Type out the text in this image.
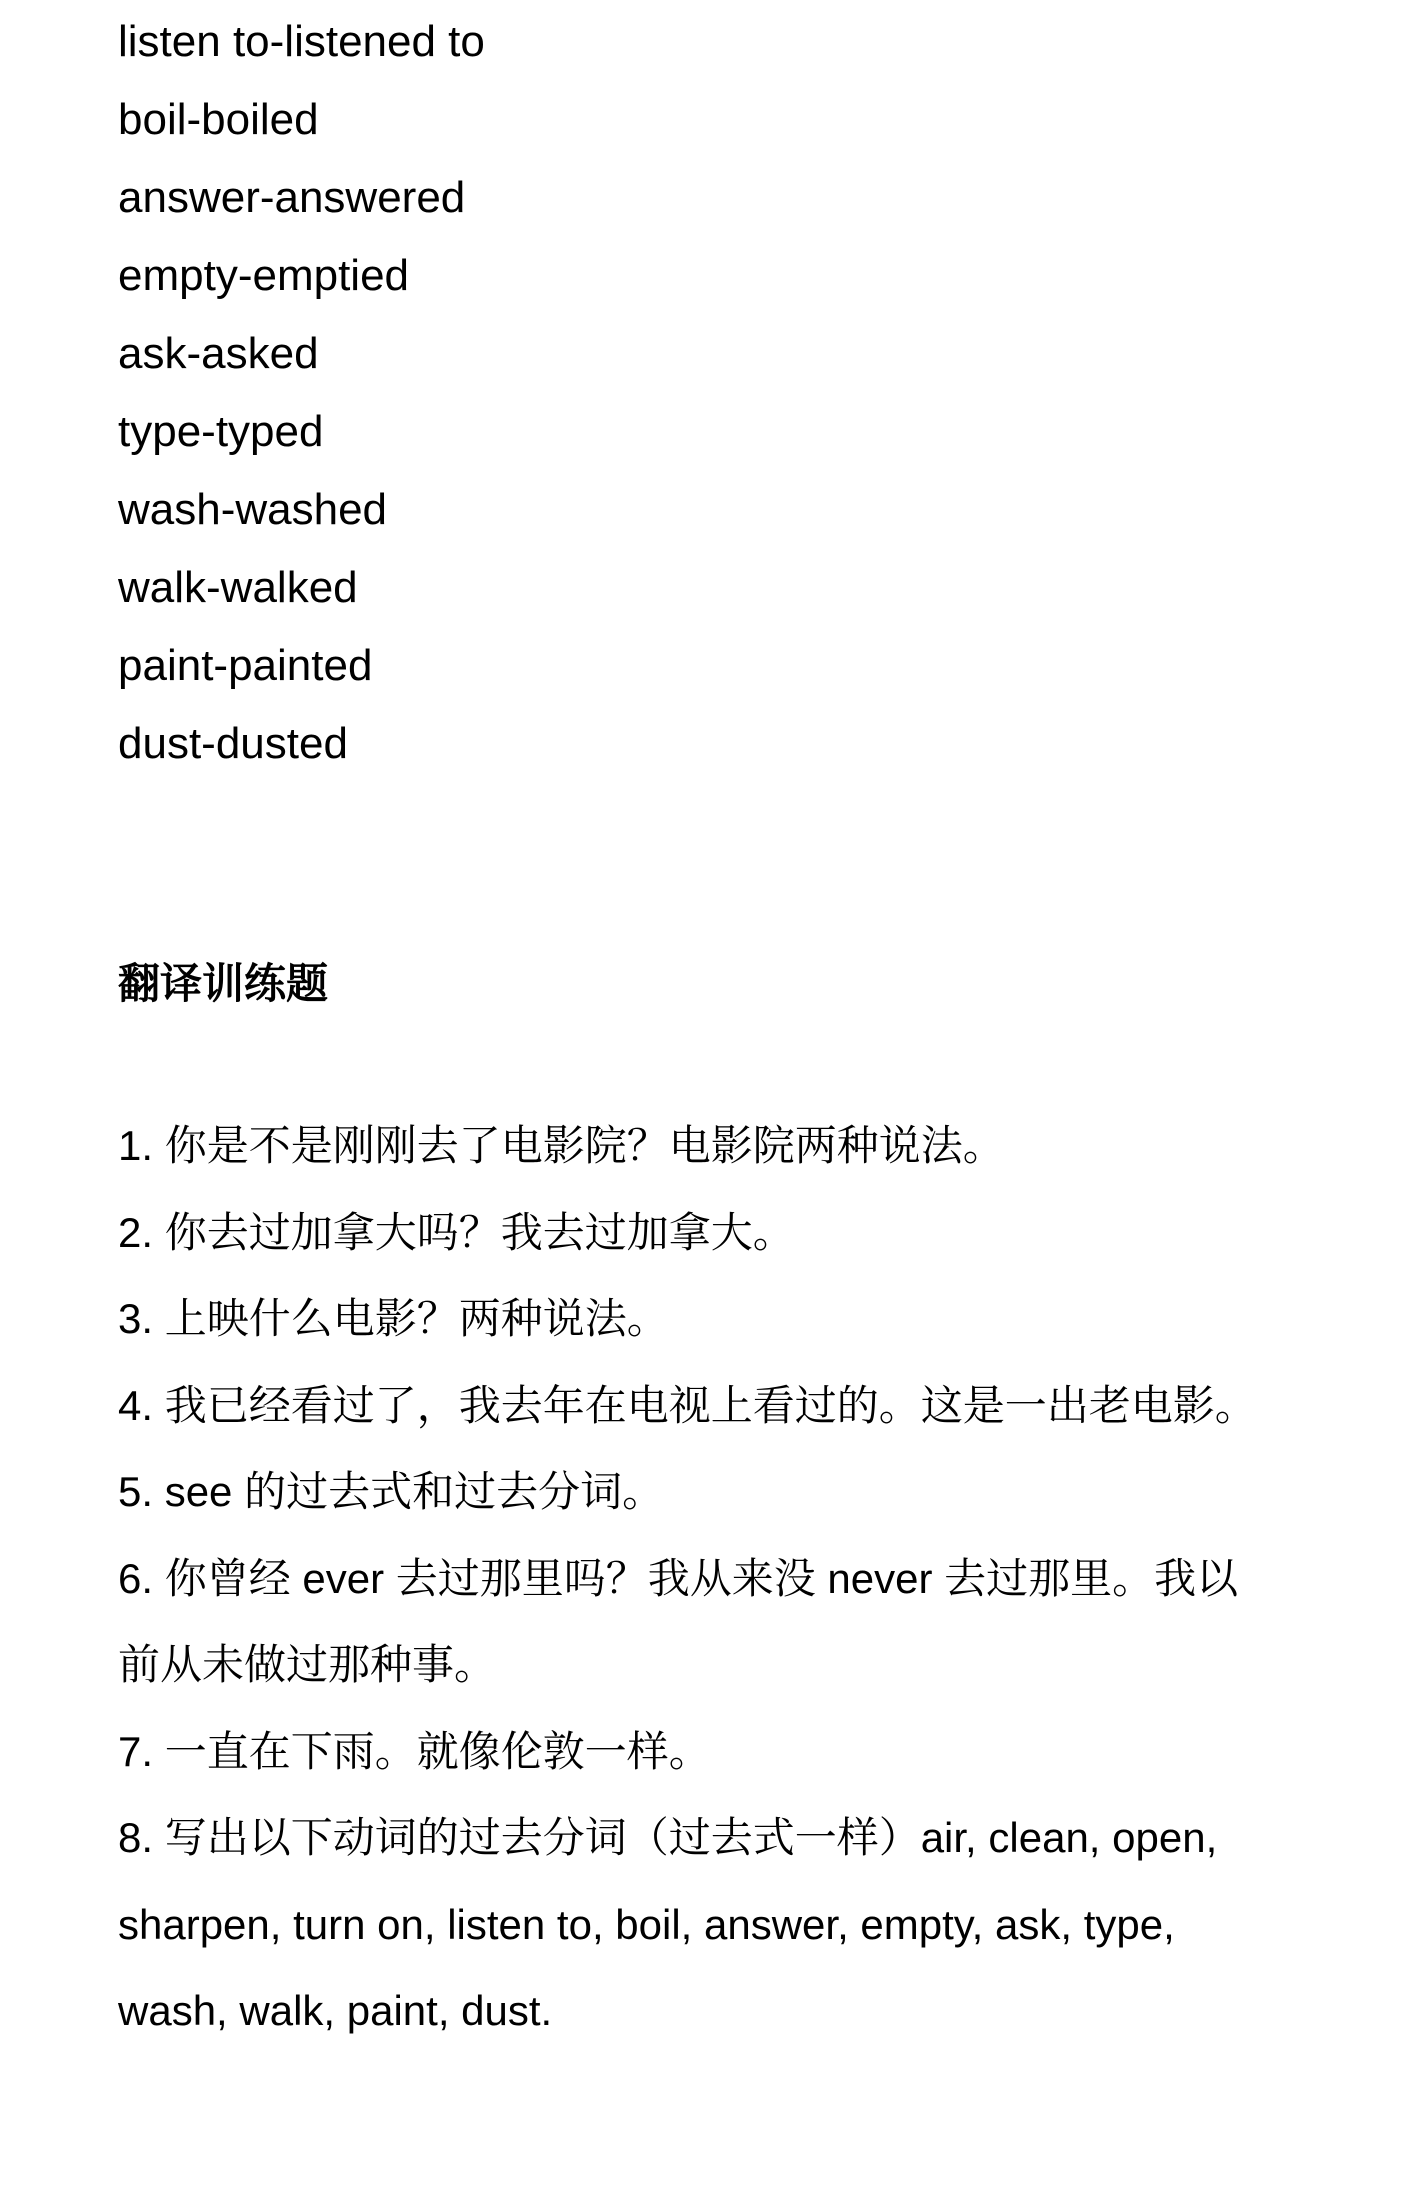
listen to-listened to
boil-boiled
answer-answered
empty-emptied
ask-asked
type-typed
wash-washed
walk-walked
paint-painted
dust-dusted
翻译训练题
1. 你是不是刚刚去了电影院？电影院两种说法。
2. 你去过加拿大吗？我去过加拿大。
3. 上映什么电影？两种说法。
4. 我已经看过了，我去年在电视上看过的。这是一出老电影。
5. see 的过去式和过去分词。
6. 你曾经 ever 去过那里吗？我从来没 never 去过那里。我以
前从未做过那种事。
7. 一直在下雨。就像伦敦一样。
8. 写出以下动词的过去分词（过去式一样）air, clean, open,
sharpen, turn on, listen to, boil, answer, empty, ask, type,
wash, walk, paint, dust.
